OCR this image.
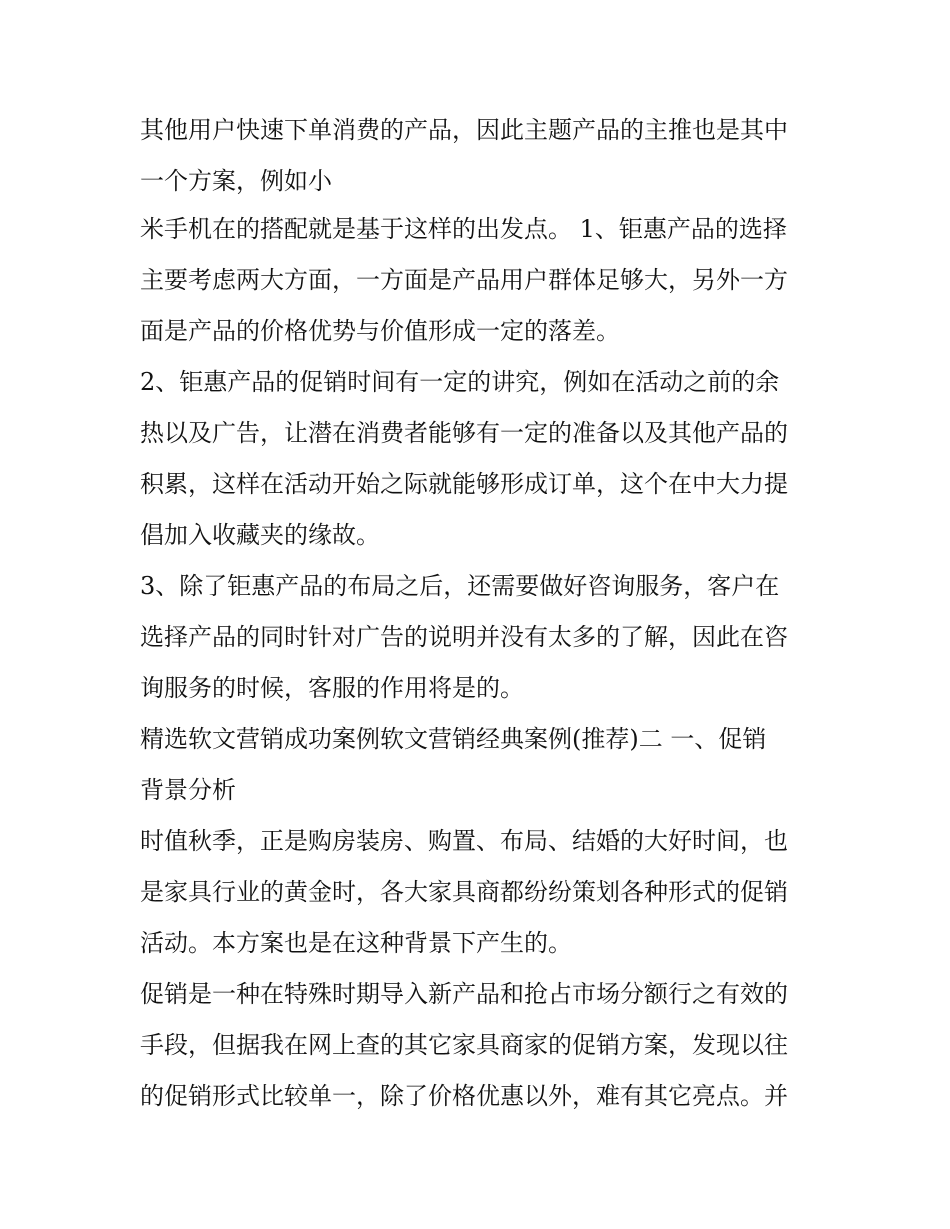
其他用户快速下单消费的产品，因此主题产品的主推也是其中

一个方案，例如小

米手机在的搭配就是基于这样的出发点。 1、钜惠产品的选择

主要考虑两大方面，一方面是产品用户群体足够大，另外一方

面是产品的价格优势与价值形成一定的落差。

2、钜惠产品的促销时间有一定的讲究，例如在活动之前的余

热以及广告，让潜在消费者能够有一定的准备以及其他产品的

积累，这样在活动开始之际就能够形成订单，这个在中大力提

倡加入收藏夹的缘故。

3、除了钜惠产品的布局之后，还需要做好咨询服务，客户在

选择产品的同时针对广告的说明并没有太多的了解，因此在咨

询服务的时候，客服的作用将是的。

精选软文营销成功案例软文营销经典案例(推荐)二 一、促销

背景分析

时值秋季，正是购房装房、购置、布局、结婚的大好时间，也

是家具行业的黄金时，各大家具商都纷纷策划各种形式的促销

活动。本方案也是在这种背景下产生的。

促销是一种在特殊时期导入新产品和抢占市场分额行之有效的

手段，但据我在网上查的其它家具商家的促销方案，发现以往

的促销形式比较单一，除了价格优惠以外，难有其它亮点。并
